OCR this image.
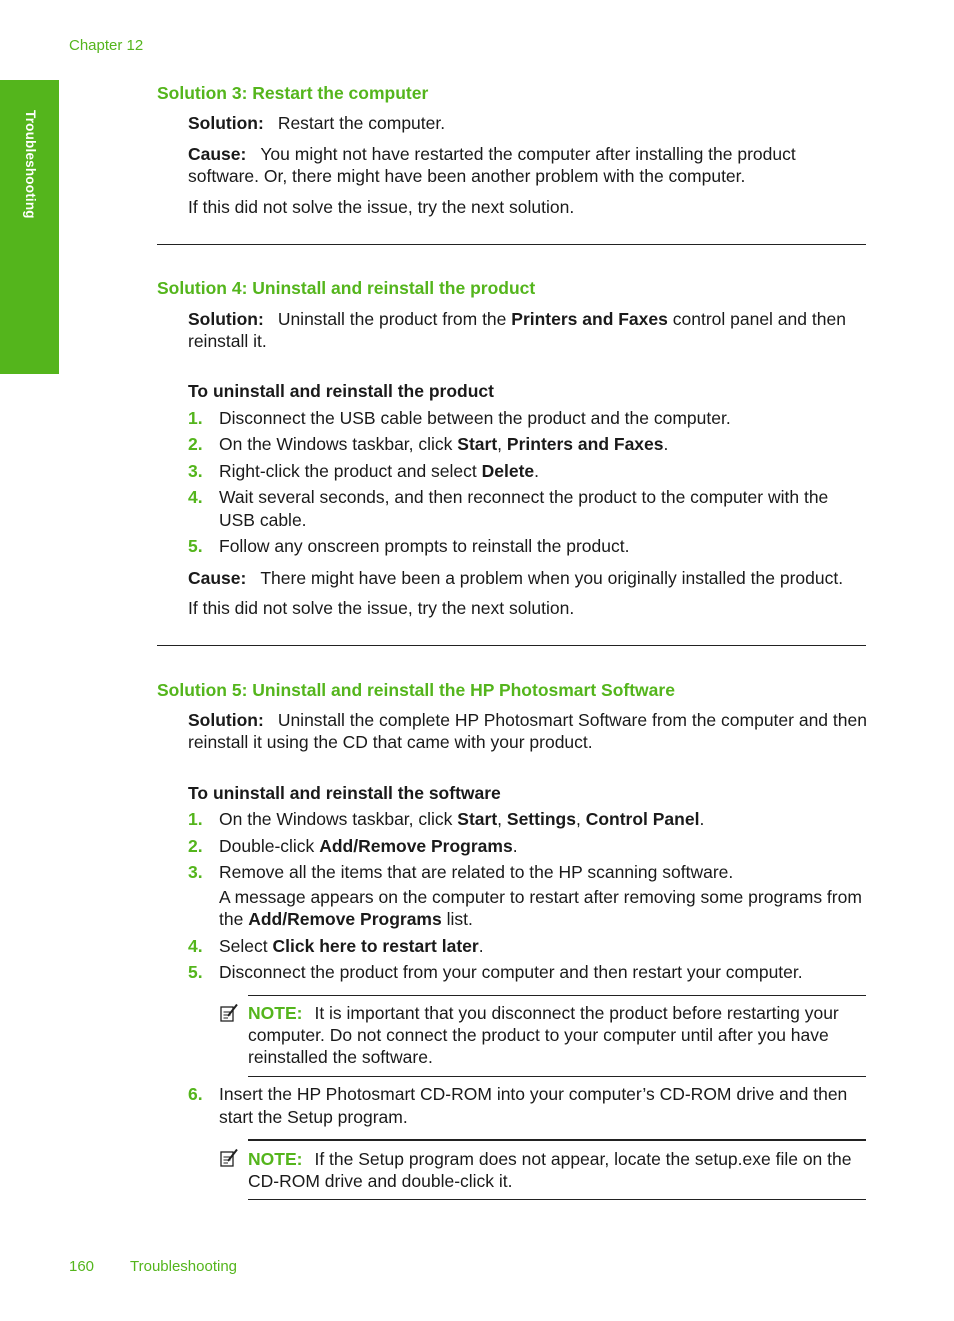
Chapter 12
Troubleshooting
Solution 3: Restart the computer
Solution: Restart the computer.
Cause: You might not have restarted the computer after installing the product software. Or, there might have been another problem with the computer.
If this did not solve the issue, try the next solution.
Solution 4: Uninstall and reinstall the product
Solution: Uninstall the product from the Printers and Faxes control panel and then reinstall it.
To uninstall and reinstall the product
1. Disconnect the USB cable between the product and the computer.
2. On the Windows taskbar, click Start, Printers and Faxes.
3. Right-click the product and select Delete.
4. Wait several seconds, and then reconnect the product to the computer with the USB cable.
5. Follow any onscreen prompts to reinstall the product.
Cause: There might have been a problem when you originally installed the product.
If this did not solve the issue, try the next solution.
Solution 5: Uninstall and reinstall the HP Photosmart Software
Solution: Uninstall the complete HP Photosmart Software from the computer and then reinstall it using the CD that came with your product.
To uninstall and reinstall the software
1. On the Windows taskbar, click Start, Settings, Control Panel.
2. Double-click Add/Remove Programs.
3. Remove all the items that are related to the HP scanning software.
A message appears on the computer to restart after removing some programs from the Add/Remove Programs list.
4. Select Click here to restart later.
5. Disconnect the product from your computer and then restart your computer.
NOTE: It is important that you disconnect the product before restarting your computer. Do not connect the product to your computer until after you have reinstalled the software.
6. Insert the HP Photosmart CD-ROM into your computer’s CD-ROM drive and then start the Setup program.
NOTE: If the Setup program does not appear, locate the setup.exe file on the CD-ROM drive and double-click it.
160 Troubleshooting
